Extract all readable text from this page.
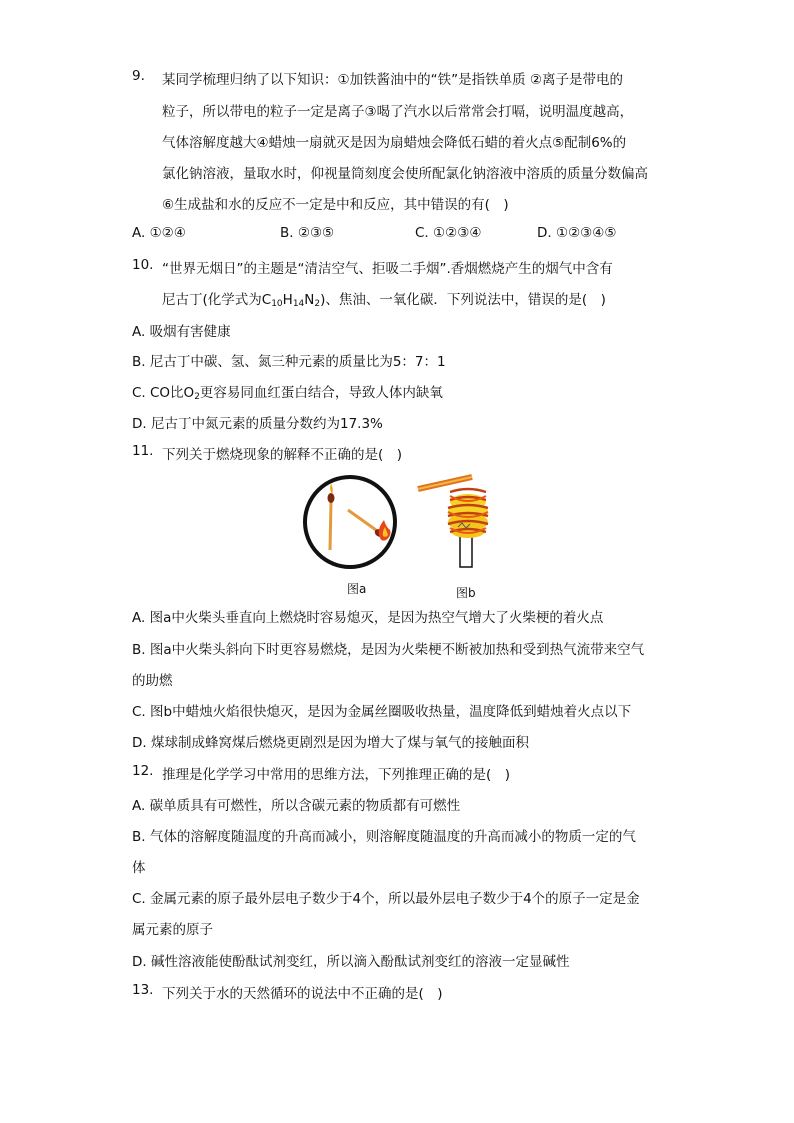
9. 某同学梳理归纳了以下知识：①加铁酱油中的“铁”是指铁单质 ②离子是带电的
粒子，所以带电的粒子一定是离子③喝了汽水以后常常会打嗝，说明温度越高，
气体溶解度越大④蜡烛一扇就灭是因为扇蜡烛会降低石蜡的着火点⑤配制6%的
氯化钠溶液，量取水时，仰视量筒刻度会使所配氯化钠溶液中溶质的质量分数偏高
⑥生成盐和水的反应不一定是中和反应，其中错误的有(　)
A. ①②④	B. ②③⑤	C. ①②③④	D. ①②③④⑤
10. “世界无烟日”的主题是“清洁空气、拒吸二手烟”.香烟燃烧产生的烟气中含有
尼古丁(化学式为$C_{10}H_{14}N_2$)、焦油、一氧化碳．下列说法中，错误的是(　)
A. 吸烟有害健康
B. 尼古丁中碳、氢、氮三种元素的质量比为5：7：1
C. CO比$O_2$更容易同血红蛋白结合，导致人体内缺氧
D. 尼古丁中氮元素的质量分数约为17.3%
11. 下列关于燃烧现象的解释不正确的是(　)
图a	图b
A. 图a中火柴头垂直向上燃烧时容易熄灭，是因为热空气增大了火柴梗的着火点
B. 图a中火柴头斜向下时更容易燃烧，是因为火柴梗不断被加热和受到热气流带来空气
的助燃
C. 图b中蜡烛火焰很快熄灭，是因为金属丝圈吸收热量，温度降低到蜡烛着火点以下
D. 煤球制成蜂窝煤后燃烧更剧烈是因为增大了煤与氧气的接触面积
12. 推理是化学学习中常用的思维方法，下列推理正确的是(　)
A. 碳单质具有可燃性，所以含碳元素的物质都有可燃性
B. 气体的溶解度随温度的升高而减小，则溶解度随温度的升高而减小的物质一定的气
体
C. 金属元素的原子最外层电子数少于4个，所以最外层电子数少于4个的原子一定是金
属元素的原子
D. 碱性溶液能使酚酞试剂变红，所以滴入酚酞试剂变红的溶液一定显碱性
13. 下列关于水的天然循环的说法中不正确的是(　)
